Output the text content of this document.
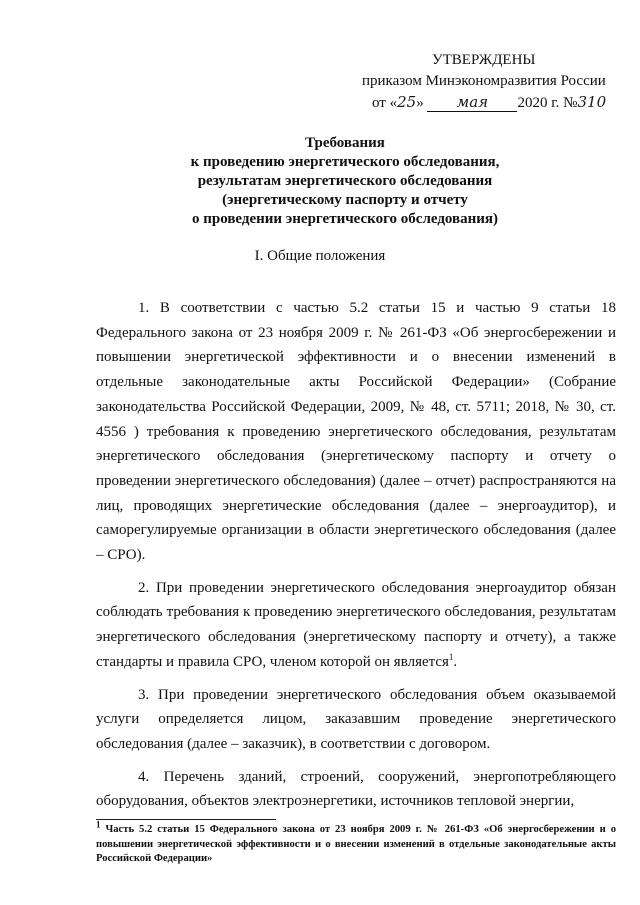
УТВЕРЖДЕНЫ
приказом Минэкономразвития России
от «25» мая 2020 г. №310
Требования
к проведению энергетического обследования,
результатам энергетического обследования
(энергетическому паспорту и отчету
о проведении энергетического обследования)
I. Общие положения

1. В соответствии с частью 5.2 статьи 15 и частью 9 статьи 18 Федерального закона от 23 ноября 2009 г. № 261-ФЗ «Об энергосбережении и повышении энергетической эффективности и о внесении изменений в отдельные законодательные акты Российской Федерации» (Собрание законодательства Российской Федерации, 2009, № 48, ст. 5711; 2018, № 30, ст. 4556 ) требования к проведению энергетического обследования, результатам энергетического обследования (энергетическому паспорту и отчету о проведении энергетического обследования) (далее – отчет) распространяются на лиц, проводящих энергетические обследования (далее – энергоаудитор), и саморегулируемые организации в области энергетического обследования (далее – СРО).

2. При проведении энергетического обследования энергоаудитор обязан соблюдать требования к проведению энергетического обследования, результатам энергетического обследования (энергетическому паспорту и отчету), а также стандарты и правила СРО, членом которой он является$^1$.

3. При проведении энергетического обследования объем оказываемой услуги определяется лицом, заказавшим проведение энергетического обследования (далее – заказчик), в соответствии с договором.

4. Перечень зданий, строений, сооружений, энергопотребляющего оборудования, объектов электроэнергетики, источников тепловой энергии,

$^1$ Часть 5.2 статьи 15 Федерального закона от 23 ноября 2009 г. № 261-ФЗ «Об энергосбережении и о повышении энергетической эффективности и о внесении изменений в отдельные законодательные акты Российской Федерации»
